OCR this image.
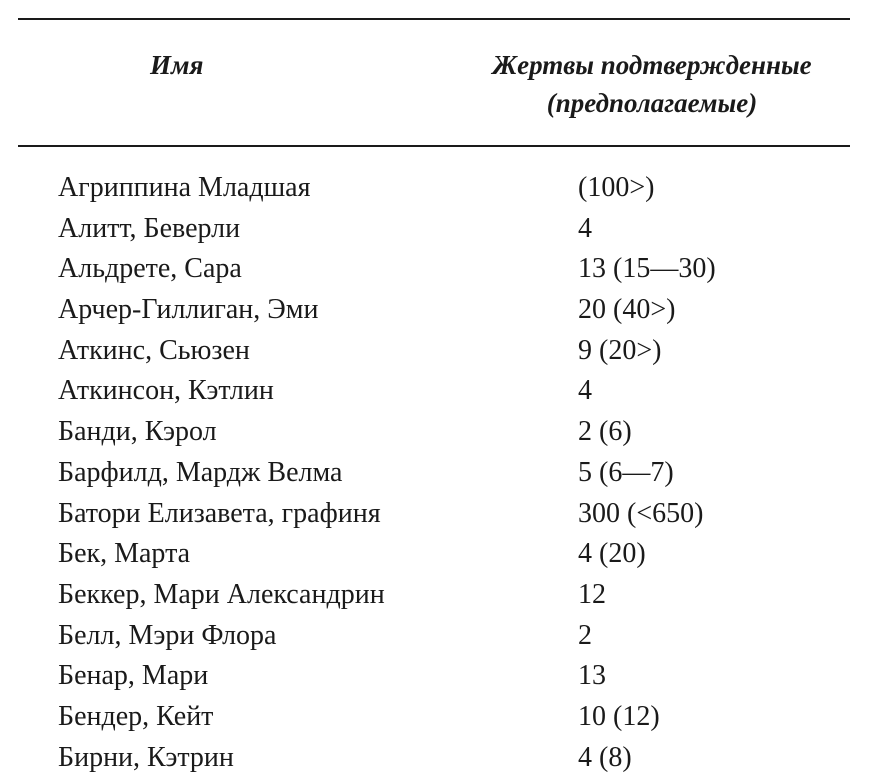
Имя	Жертвы подтвержденные
(предполагаемые)
Агриппина Младшая	(100>)
Алитт, Беверли	4
Альдрете, Сара	13 (15—30)
Арчер-Гиллиган, Эми	20 (40>)
Аткинс, Сьюзен	9 (20>)
Аткинсон, Кэтлин	4
Банди, Кэрол	2 (6)
Барфилд, Мардж Велма	5 (6—7)
Батори Елизавета, графиня	300 (<650)
Бек, Марта	4 (20)
Беккер, Мари Александрин	12
Белл, Мэри Флора	2
Бенар, Мари	13
Бендер, Кейт	10 (12)
Бирни, Кэтрин	4 (8)
